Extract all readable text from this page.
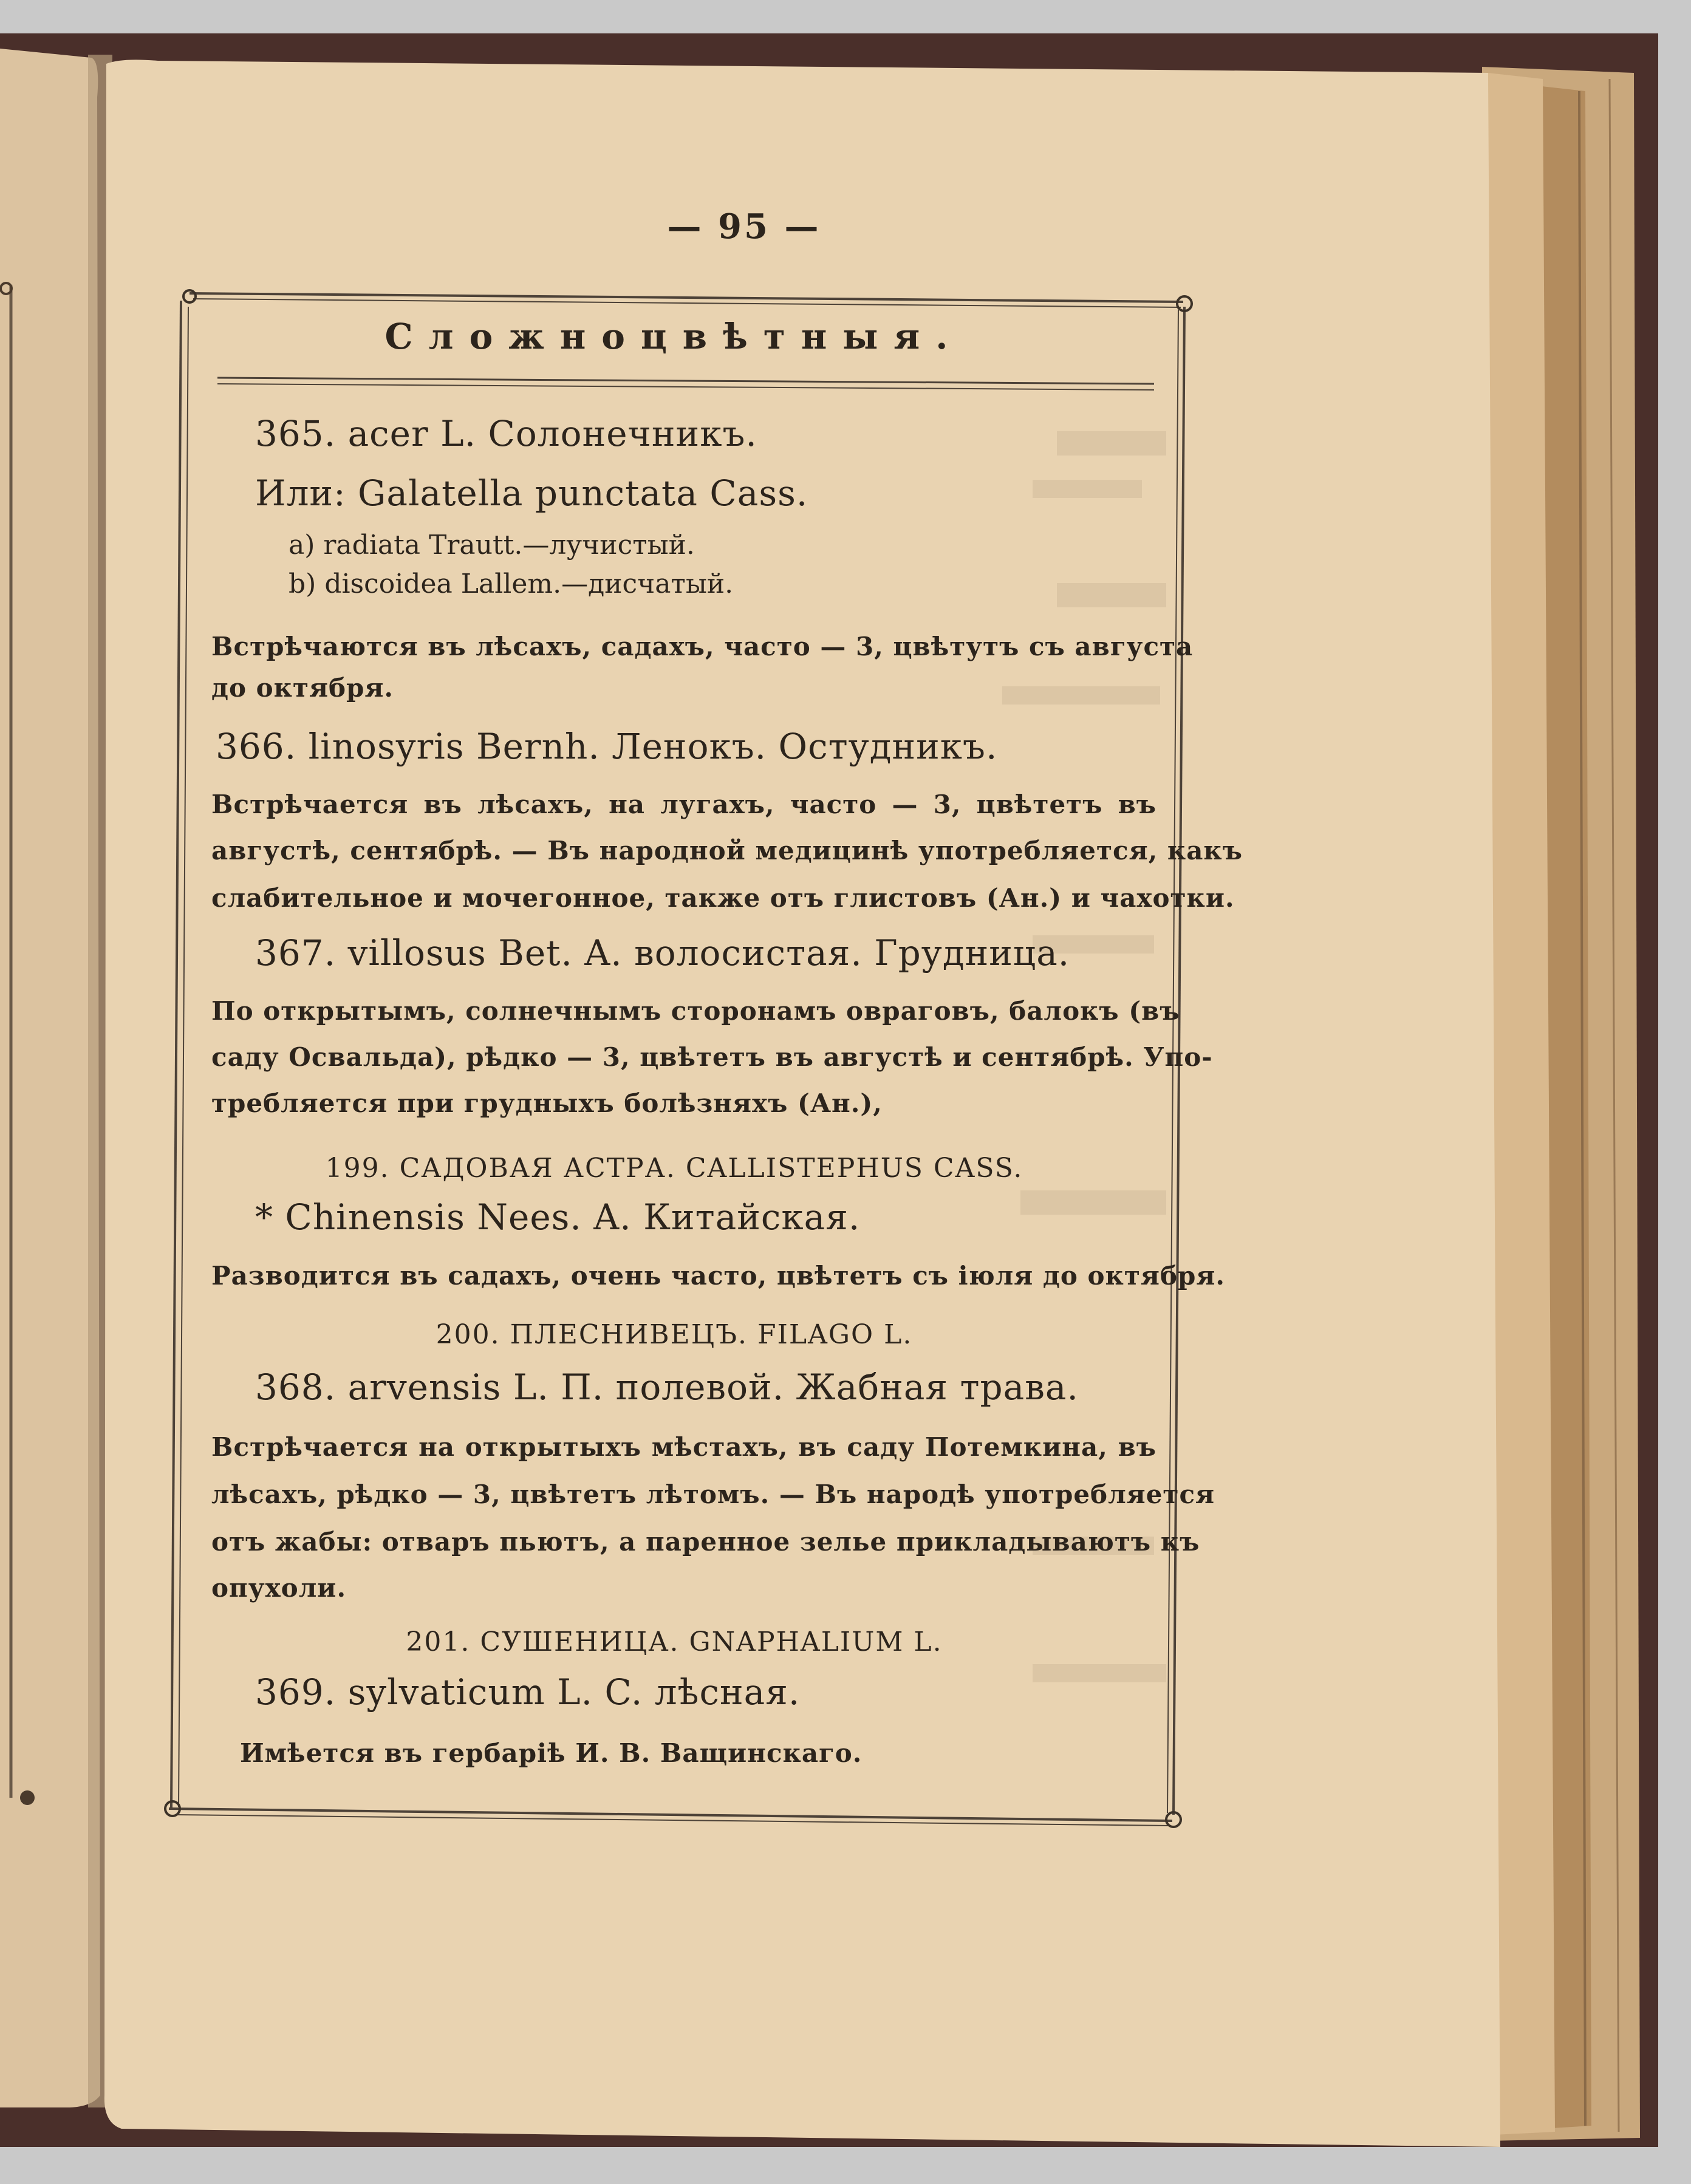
— 95 —
Сложноцвѣтныя.
365. acer L. Солонечникъ.
Или: Galatella punctata Cass.
a) radiata Trautt.—лучистый.
b) discoidea Lallem.—дисчатый.
Встрѣчаются въ лѣсахъ, садахъ, часто — 3, цвѣтутъ съ августа
до октября.
366. linosyris Bernh. Ленокъ. Остудникъ.
Встрѣчается въ лѣсахъ, на лугахъ, часто — 3, цвѣтетъ въ
августѣ, сентябрѣ. — Въ народной медицинѣ употребляется, какъ
слабительное и мочегонное, также отъ глистовъ (Ан.) и чахотки.
367. villosus Bet. A. волосистая. Грудница.
По открытымъ, солнечнымъ сторонамъ овраговъ, балокъ (въ
саду Освальда), рѣдко — 3, цвѣтетъ въ августѣ и сентябрѣ. Упо-
требляется при грудныхъ болѣзняхъ (Ан.),
199. САДОВАЯ АСТРА. CALLISTEPHUS CASS.
* Chinensis Nees. A. Китайская.
Разводится въ садахъ, очень часто, цвѣтетъ съ іюля до октября.
200. ПЛЕСНИВЕЦЪ. FILAGO L.
368. arvensis L. П. полевой. Жабная трава.
Встрѣчается на открытыхъ мѣстахъ, въ саду Потемкина, въ
лѣсахъ, рѣдко — 3, цвѣтетъ лѣтомъ. — Въ народѣ употребляется
отъ жабы: отваръ пьютъ, а паренное зелье прикладываютъ къ
опухоли.
201. СУШЕНИЦА. GNAPHALIUM L.
369. sylvaticum L. C. лѣсная.
Имѣется въ гербаріѣ И. В. Ващинскаго.
